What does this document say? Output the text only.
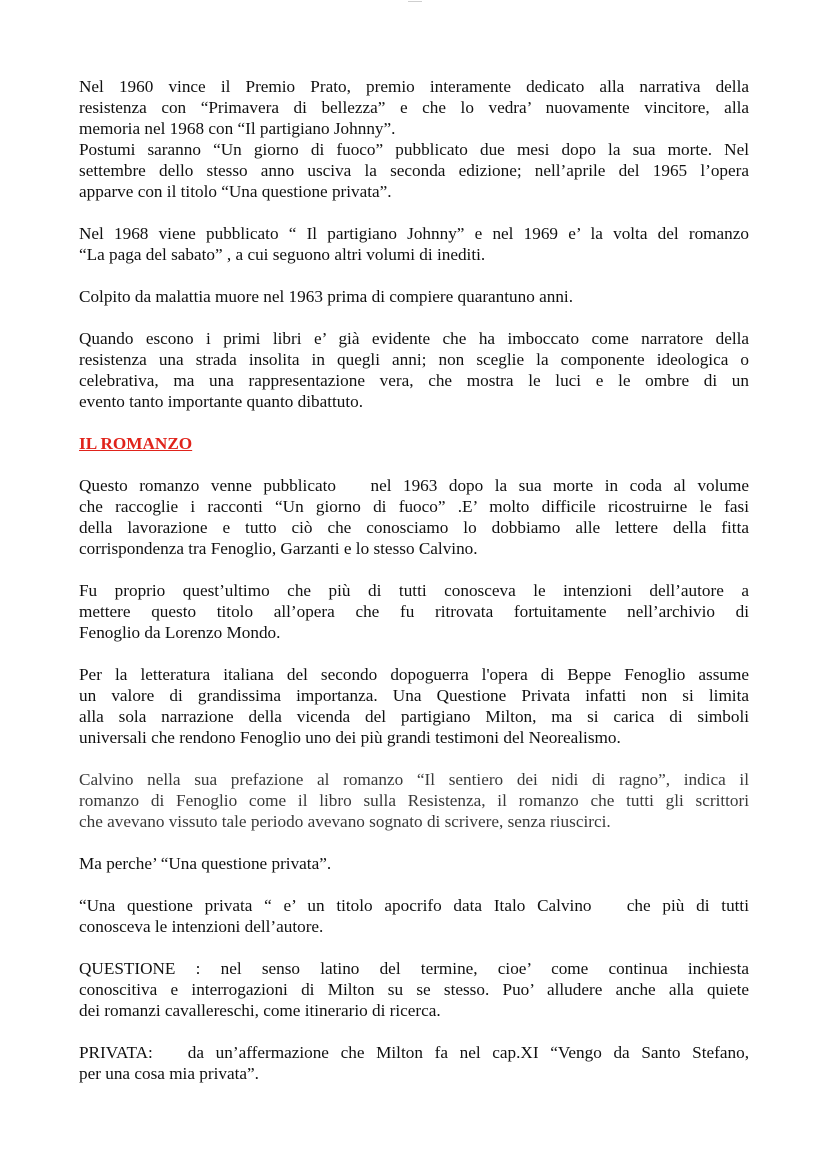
Nel 1960 vince il Premio Prato, premio interamente dedicato alla narrativa della
resistenza con “Primavera di bellezza” e che lo vedra’ nuovamente vincitore, alla
memoria nel 1968 con “Il partigiano Johnny”.

Postumi saranno “Un giorno di fuoco” pubblicato due mesi dopo la sua morte. Nel
settembre dello stesso anno usciva la seconda edizione; nell’aprile del 1965 l’opera
apparve con il titolo “Una questione privata”.

Nel 1968 viene pubblicato “ Il partigiano Johnny” e nel 1969 e’ la volta del romanzo
“La paga del sabato” , a cui seguono altri volumi di inediti.

Colpito da malattia muore nel 1963 prima di compiere quarantuno anni.

Quando escono i primi libri e’ già evidente che ha imboccato come narratore della
resistenza una strada insolita in quegli anni; non sceglie la componente ideologica o
celebrativa, ma una rappresentazione vera, che mostra le luci e le ombre di un
evento tanto importante quanto dibattuto.

IL ROMANZO

Questo romanzo venne pubblicato   nel 1963 dopo la sua morte in coda al volume
che raccoglie i racconti “Un giorno di fuoco” .E’ molto difficile ricostruirne le fasi
della lavorazione e tutto ciò che conosciamo lo dobbiamo alle lettere della fitta
corrispondenza tra Fenoglio, Garzanti e lo stesso Calvino.

Fu proprio quest’ultimo che più di tutti conosceva le intenzioni dell’autore a
mettere questo titolo all’opera che fu ritrovata fortuitamente nell’archivio di
Fenoglio da Lorenzo Mondo.

Per la letteratura italiana del secondo dopoguerra l'opera di Beppe Fenoglio assume
un valore di grandissima importanza. Una Questione Privata infatti non si limita
alla sola narrazione della vicenda del partigiano Milton, ma si carica di simboli
universali che rendono Fenoglio uno dei più grandi testimoni del Neorealismo.

Calvino nella sua prefazione al romanzo “Il sentiero dei nidi di ragno”, indica il
romanzo di Fenoglio come il libro sulla Resistenza, il romanzo che tutti gli scrittori
che avevano vissuto tale periodo avevano sognato di scrivere, senza riuscirci.

Ma perche’ “Una questione privata”.

“Una questione privata “ e’ un titolo apocrifo data Italo Calvino   che più di tutti
conosceva le intenzioni dell’autore.

QUESTIONE : nel senso latino del termine, cioe’ come continua inchiesta
conoscitiva e interrogazioni di Milton su se stesso. Puo’ alludere anche alla quiete
dei romanzi cavallereschi, come itinerario di ricerca.

PRIVATA:   da un’affermazione che Milton fa nel cap.XI “Vengo da Santo Stefano,
per una cosa mia privata”.
